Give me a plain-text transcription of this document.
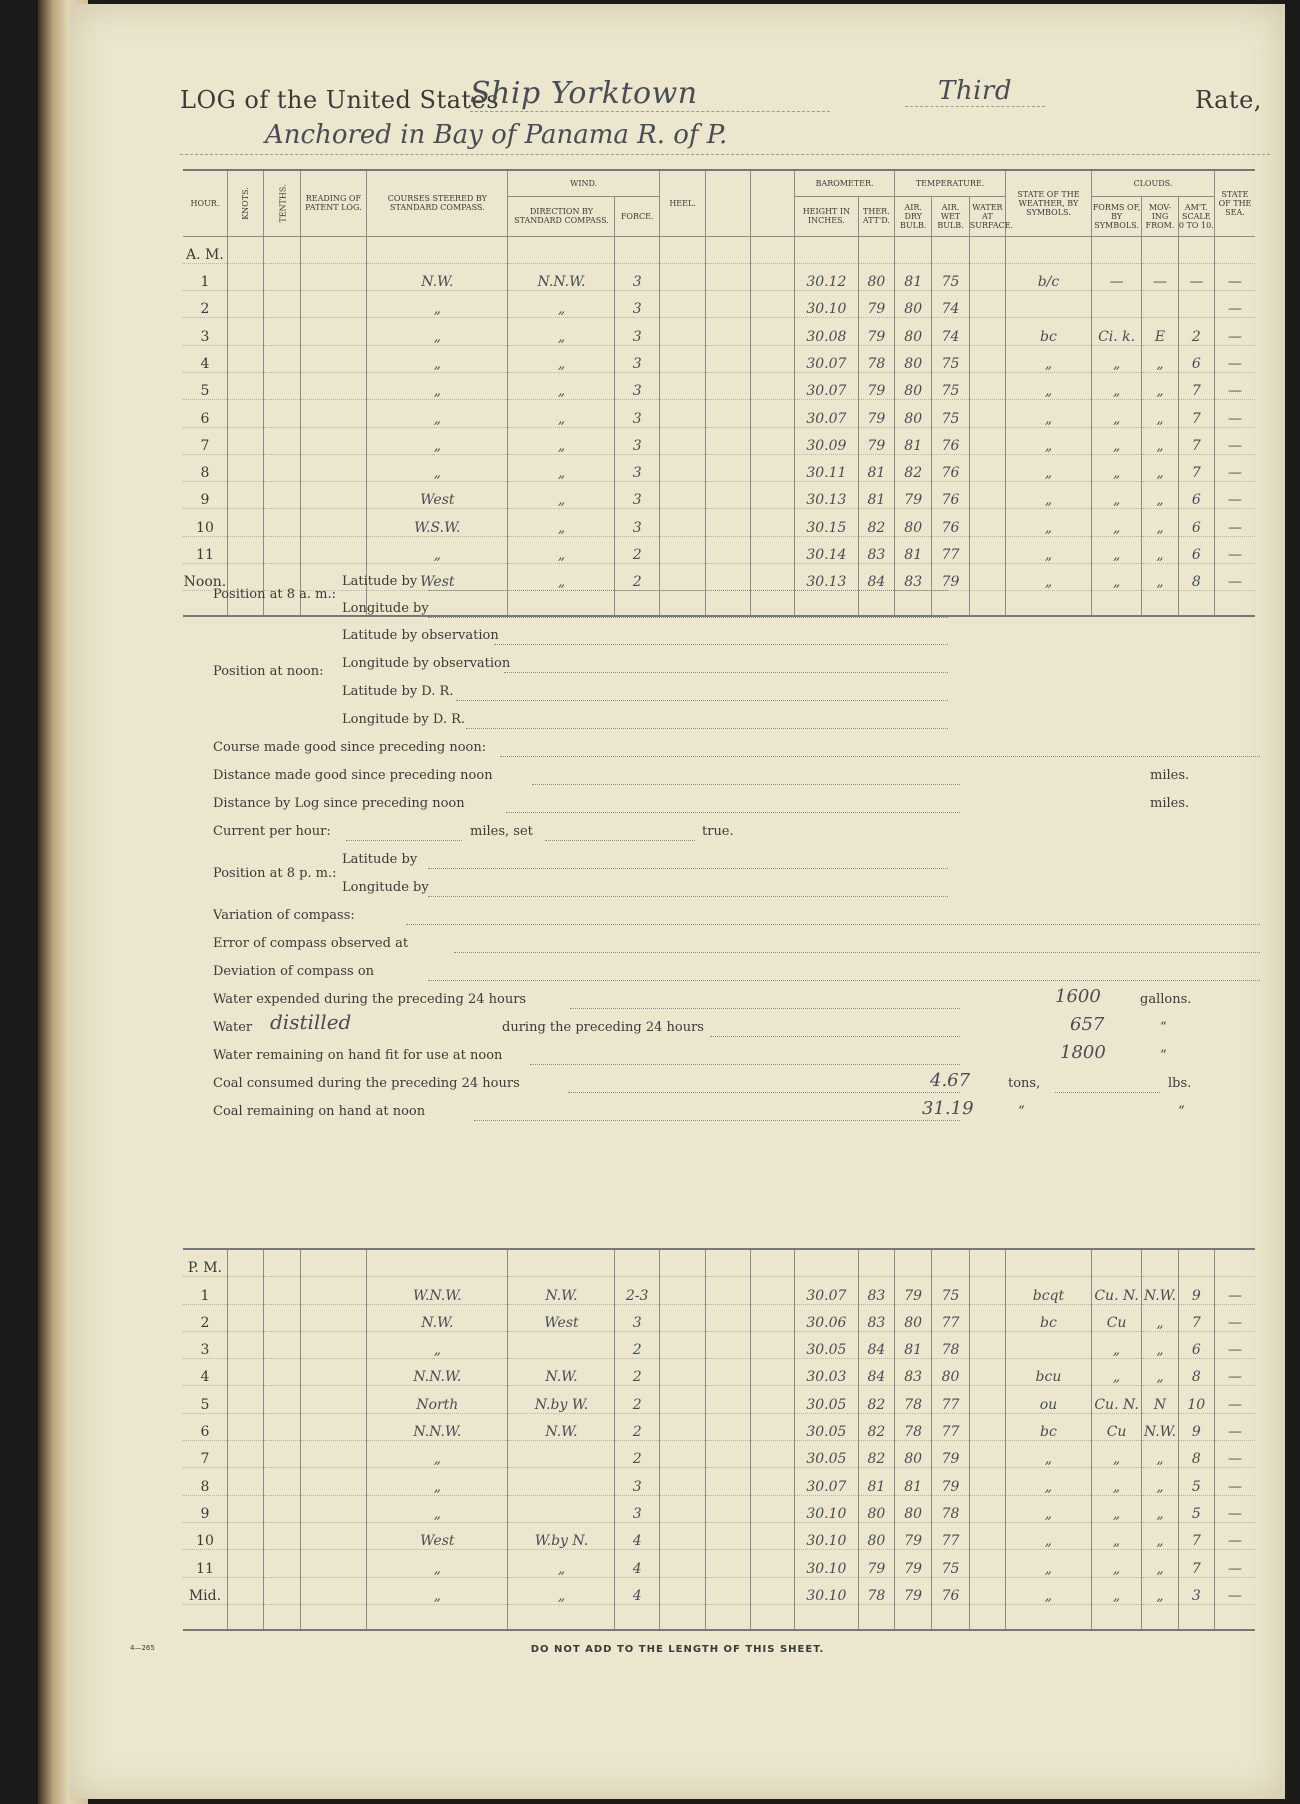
LOG of the United States
Ship Yorktown	Third	Rate,
Anchored in Bay of Panama R. of P.
HOUR.	KNOTS.	TENTHS.	READING OF PATENT LOG.	COURSES STEERED BY STANDARD COMPASS.	WIND.		HEEL.			BAROMETER.		TEMPERATURE.			STATE OF THE WEATHER, BY SYMBOLS.	CLOUDS.			STATE OF THE SEA.
					DIRECTION BY STANDARD COMPASS.	FORCE.				HEIGHT IN INCHES.	THER. ATT'D.	AIR. DRY BULB.	AIR. WET BULB.	WATER AT SURFACE.		FORMS OF, BY SYMBOLS.	MOV- ING FROM.	AM'T. SCALE 0 TO 10.	
A. M.																			
1				N.W.	N.N.W.	3				30.12	80	81	75		b/c	—	—	—	—
2				„	„	3				30.10	79	80	74						—
3				„	„	3				30.08	79	80	74		bc	Ci. k.	E	2	—
4				„	„	3				30.07	78	80	75		„	„	„	6	—
5				„	„	3				30.07	79	80	75		„	„	„	7	—
6				„	„	3				30.07	79	80	75		„	„	„	7	—
7				„	„	3				30.09	79	81	76		„	„	„	7	—
8				„	„	3				30.11	81	82	76		„	„	„	7	—
9				West	„	3				30.13	81	79	76		„	„	„	6	—
10				W.S.W.	„	3				30.15	82	80	76		„	„	„	6	—
11				„	„	2				30.14	83	81	77		„	„	„	6	—
Noon.				West	„	2				30.13	84	83	79		„	„	„	8	—

Position at 8 a. m.:
Latitude by
Longitude by
Position at noon:
Latitude by observation
Longitude by observation
Latitude by D. R.
Longitude by D. R.
Course made good since preceding noon:
Distance made good since preceding noon	miles.
Distance by Log since preceding noon	miles.
Current per hour:	miles, set	true.
Position at 8 p. m.:
Latitude by
Longitude by
Variation of compass:
Error of compass observed at
Deviation of compass on
Water expended during the preceding 24 hours	1600	gallons.
Water distilled	during the preceding 24 hours	657	“
Water remaining on hand fit for use at noon	1800	“
Coal consumed during the preceding 24 hours	4.67	tons,	lbs.
Coal remaining on hand at noon	31.19	“	“
P. M.																			
1				W.N.W.	N.W.	2-3				30.07	83	79	75		bcqt	Cu. N.	N.W.	9	—
2				N.W.	West	3				30.06	83	80	77		bc	Cu	„	7	—
3				„		2				30.05	84	81	78			„	„	6	—
4				N.N.W.	N.W.	2				30.03	84	83	80		bcu	„	„	8	—
5				North	N.by W.	2				30.05	82	78	77		ou	Cu. N.	N	10	—
6				N.N.W.	N.W.	2				30.05	82	78	77		bc	Cu	N.W.	9	—
7				„		2				30.05	82	80	79		„	„	„	8	—
8				„		3				30.07	81	81	79		„	„	„	5	—
9				„		3				30.10	80	80	78		„	„	„	5	—
10				West	W.by N.	4				30.10	80	79	77		„	„	„	7	—
11				„	„	4				30.10	79	79	75		„	„	„	7	—
Mid.				„	„	4				30.10	78	79	76		„	„	„	3	—

4—265	DO NOT ADD TO THE LENGTH OF THIS SHEET.
